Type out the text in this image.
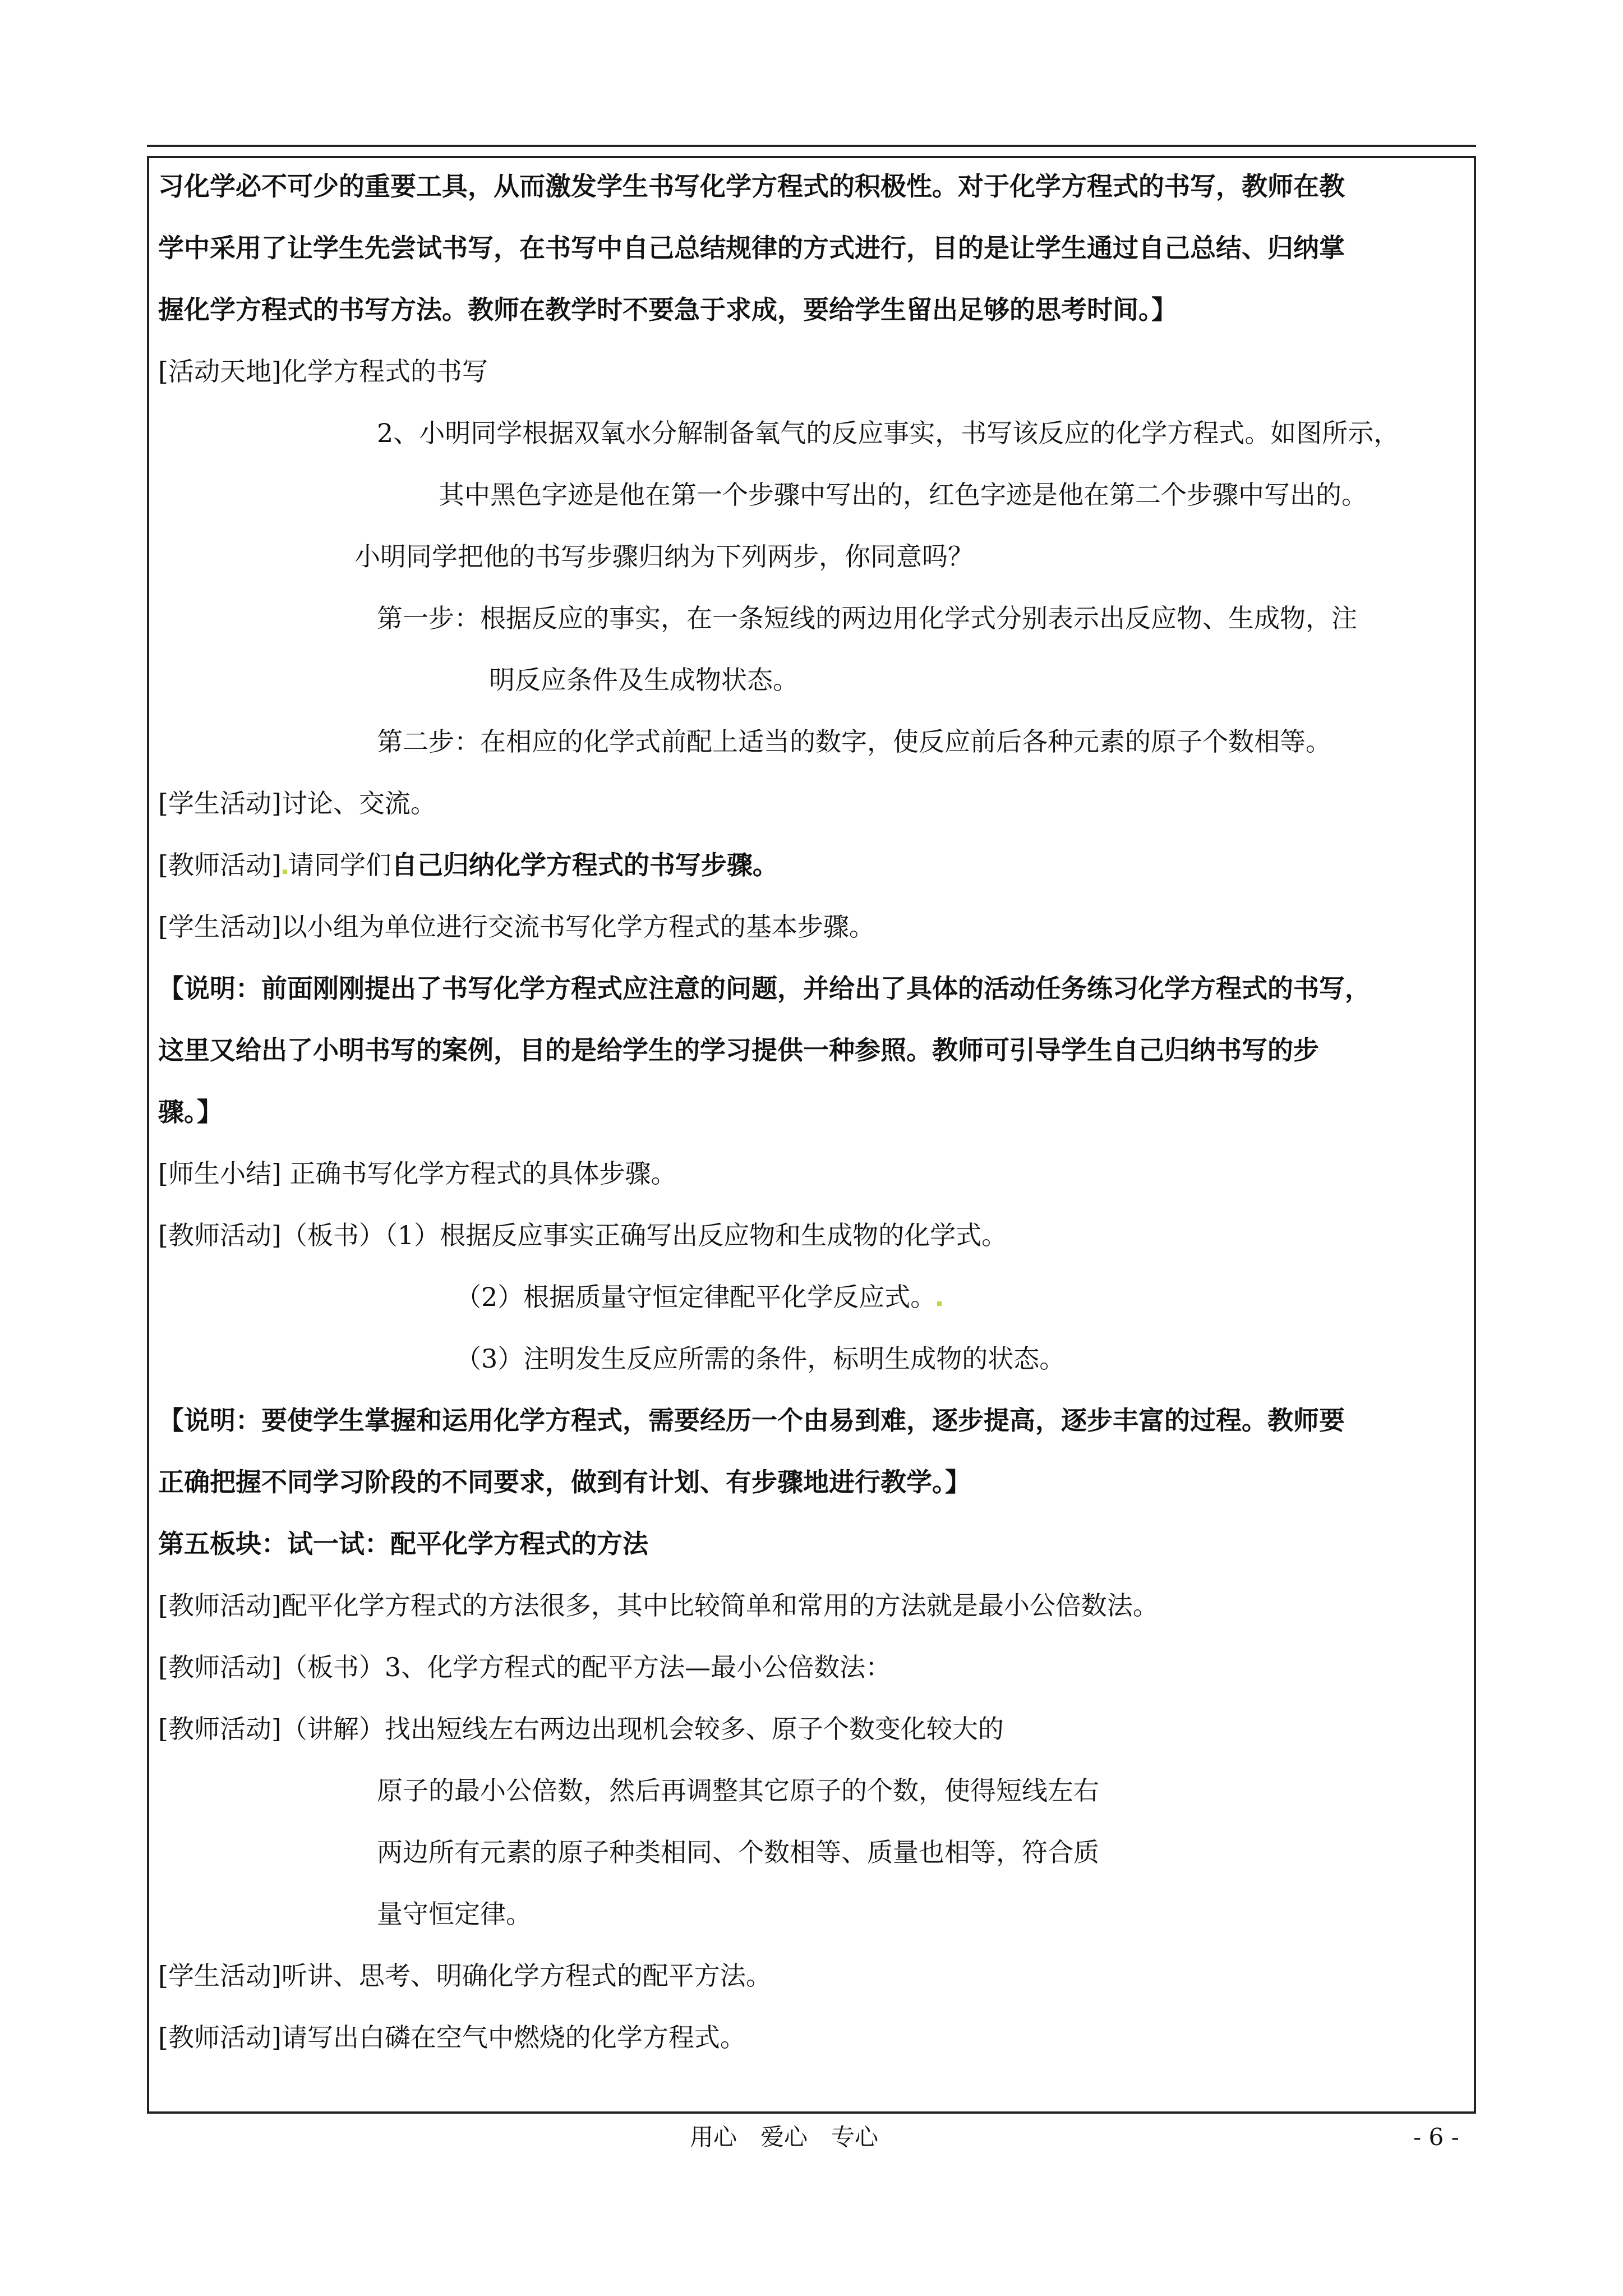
习化学必不可少的重要工具，从而激发学生书写化学方程式的积极性。对于化学方程式的书写，教师在教
学中采用了让学生先尝试书写，在书写中自己总结规律的方式进行，目的是让学生通过自己总结、归纳掌
握化学方程式的书写方法。教师在教学时不要急于求成，要给学生留出足够的思考时间。】
[活动天地]化学方程式的书写
2、小明同学根据双氧水分解制备氧气的反应事实，书写该反应的化学方程式。如图所示，
其中黑色字迹是他在第一个步骤中写出的，红色字迹是他在第二个步骤中写出的。
小明同学把他的书写步骤归纳为下列两步，你同意吗？
第一步：根据反应的事实，在一条短线的两边用化学式分别表示出反应物、生成物，注
明反应条件及生成物状态。
第二步：在相应的化学式前配上适当的数字，使反应前后各种元素的原子个数相等。
[学生活动]讨论、交流。
[教师活动] 请同学们自己归纳化学方程式的书写步骤。
[学生活动]以小组为单位进行交流书写化学方程式的基本步骤。
【说明：前面刚刚提出了书写化学方程式应注意的问题，并给出了具体的活动任务练习化学方程式的书写，
这里又给出了小明书写的案例，目的是给学生的学习提供一种参照。教师可引导学生自己归纳书写的步
骤。】
[师生小结] 正确书写化学方程式的具体步骤。
[教师活动]（板书）（1）根据反应事实正确写出反应物和生成物的化学式。
（2）根据质量守恒定律配平化学反应式。
（3）注明发生反应所需的条件，标明生成物的状态。
【说明：要使学生掌握和运用化学方程式，需要经历一个由易到难，逐步提高，逐步丰富的过程。教师要
正确把握不同学习阶段的不同要求，做到有计划、有步骤地进行教学。】
第五板块：试一试：配平化学方程式的方法
[教师活动]配平化学方程式的方法很多，其中比较简单和常用的方法就是最小公倍数法。
[教师活动]（板书）3、化学方程式的配平方法—最小公倍数法：
[教师活动]（讲解）找出短线左右两边出现机会较多、原子个数变化较大的
原子的最小公倍数，然后再调整其它原子的个数，使得短线左右
两边所有元素的原子种类相同、个数相等、质量也相等，符合质
量守恒定律。
[学生活动]听讲、思考、明确化学方程式的配平方法。
[教师活动]请写出白磷在空气中燃烧的化学方程式。
用心　爱心　专心	- 6 -
